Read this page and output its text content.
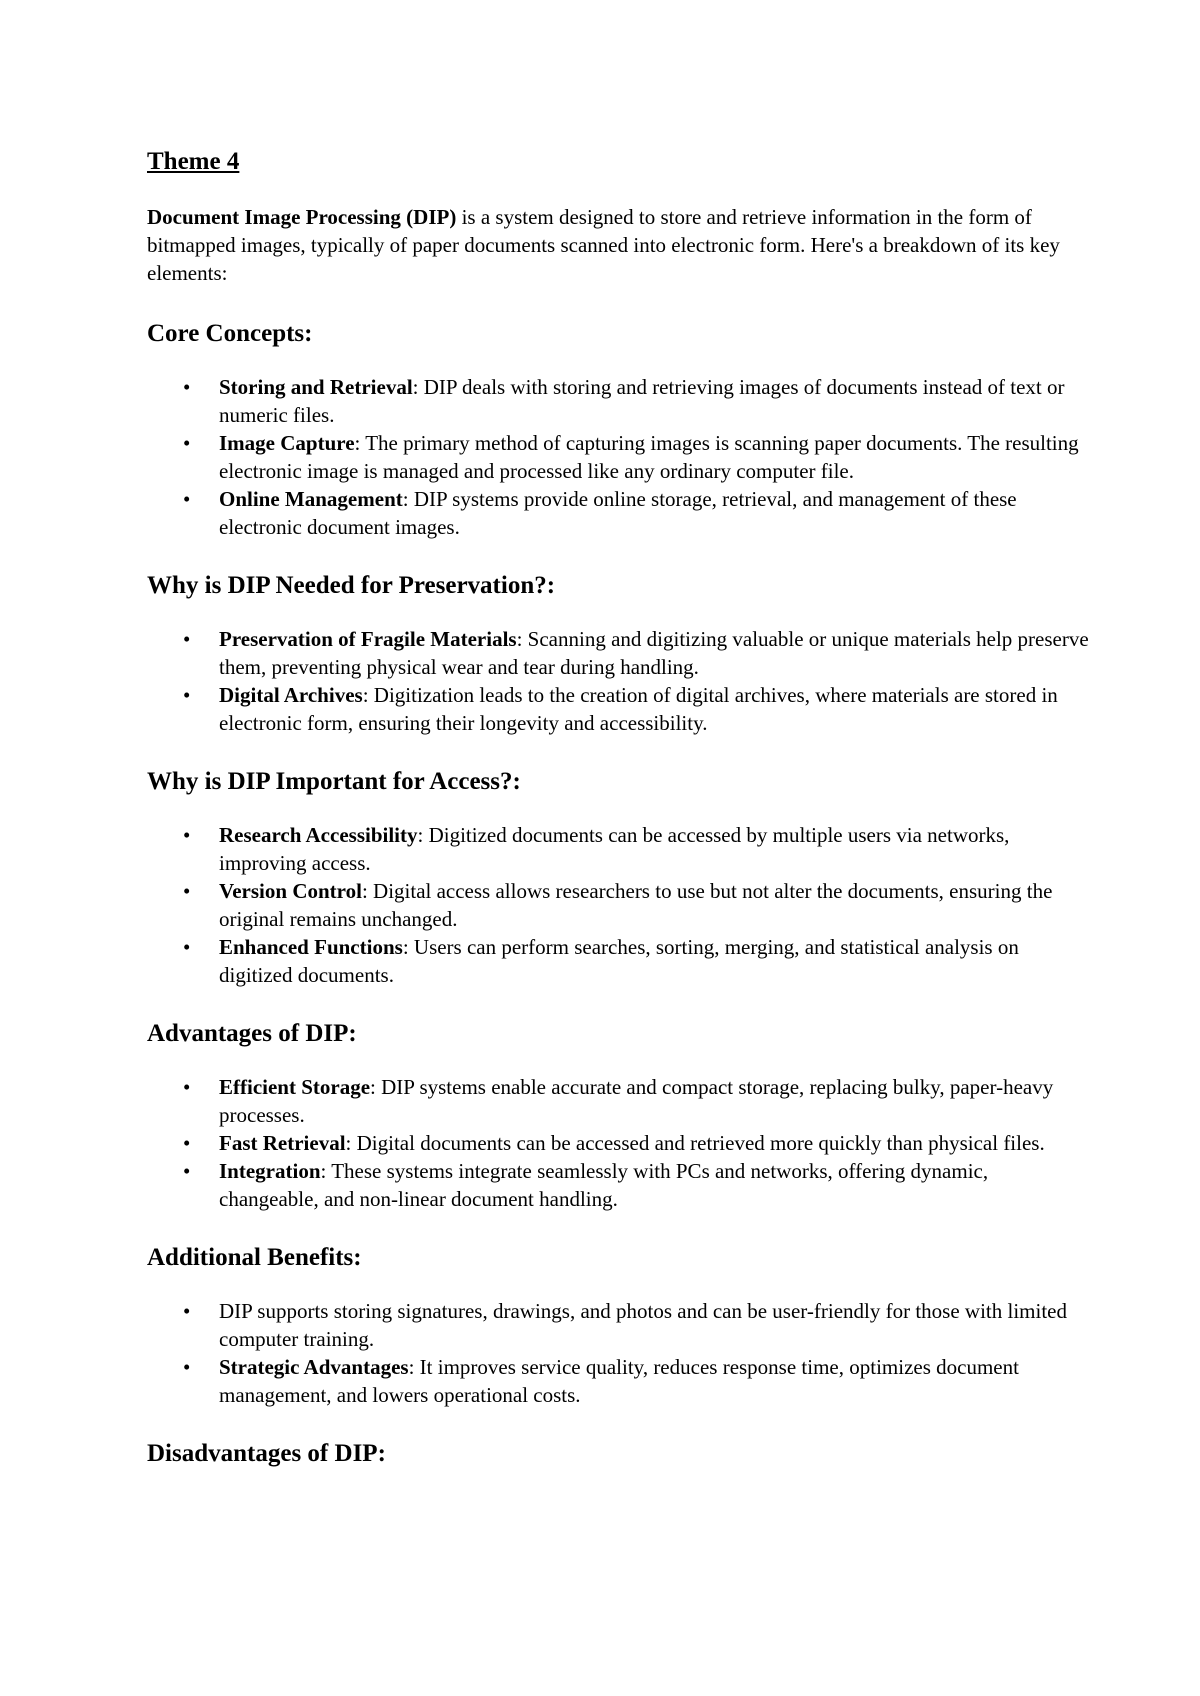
Theme 4

Document Image Processing (DIP) is a system designed to store and retrieve information in the form of bitmapped images, typically of paper documents scanned into electronic form. Here's a breakdown of its key elements:

Core Concepts:
• Storing and Retrieval: DIP deals with storing and retrieving images of documents instead of text or numeric files.
• Image Capture: The primary method of capturing images is scanning paper documents. The resulting electronic image is managed and processed like any ordinary computer file.
• Online Management: DIP systems provide online storage, retrieval, and management of these electronic document images.
Why is DIP Needed for Preservation?:
• Preservation of Fragile Materials: Scanning and digitizing valuable or unique materials help preserve them, preventing physical wear and tear during handling.
• Digital Archives: Digitization leads to the creation of digital archives, where materials are stored in electronic form, ensuring their longevity and accessibility.
Why is DIP Important for Access?:
• Research Accessibility: Digitized documents can be accessed by multiple users via networks, improving access.
• Version Control: Digital access allows researchers to use but not alter the documents, ensuring the original remains unchanged.
• Enhanced Functions: Users can perform searches, sorting, merging, and statistical analysis on digitized documents.
Advantages of DIP:
• Efficient Storage: DIP systems enable accurate and compact storage, replacing bulky, paper-heavy processes.
• Fast Retrieval: Digital documents can be accessed and retrieved more quickly than physical files.
• Integration: These systems integrate seamlessly with PCs and networks, offering dynamic, changeable, and non-linear document handling.
Additional Benefits:
• DIP supports storing signatures, drawings, and photos and can be user-friendly for those with limited computer training.
• Strategic Advantages: It improves service quality, reduces response time, optimizes document management, and lowers operational costs.
Disadvantages of DIP:
